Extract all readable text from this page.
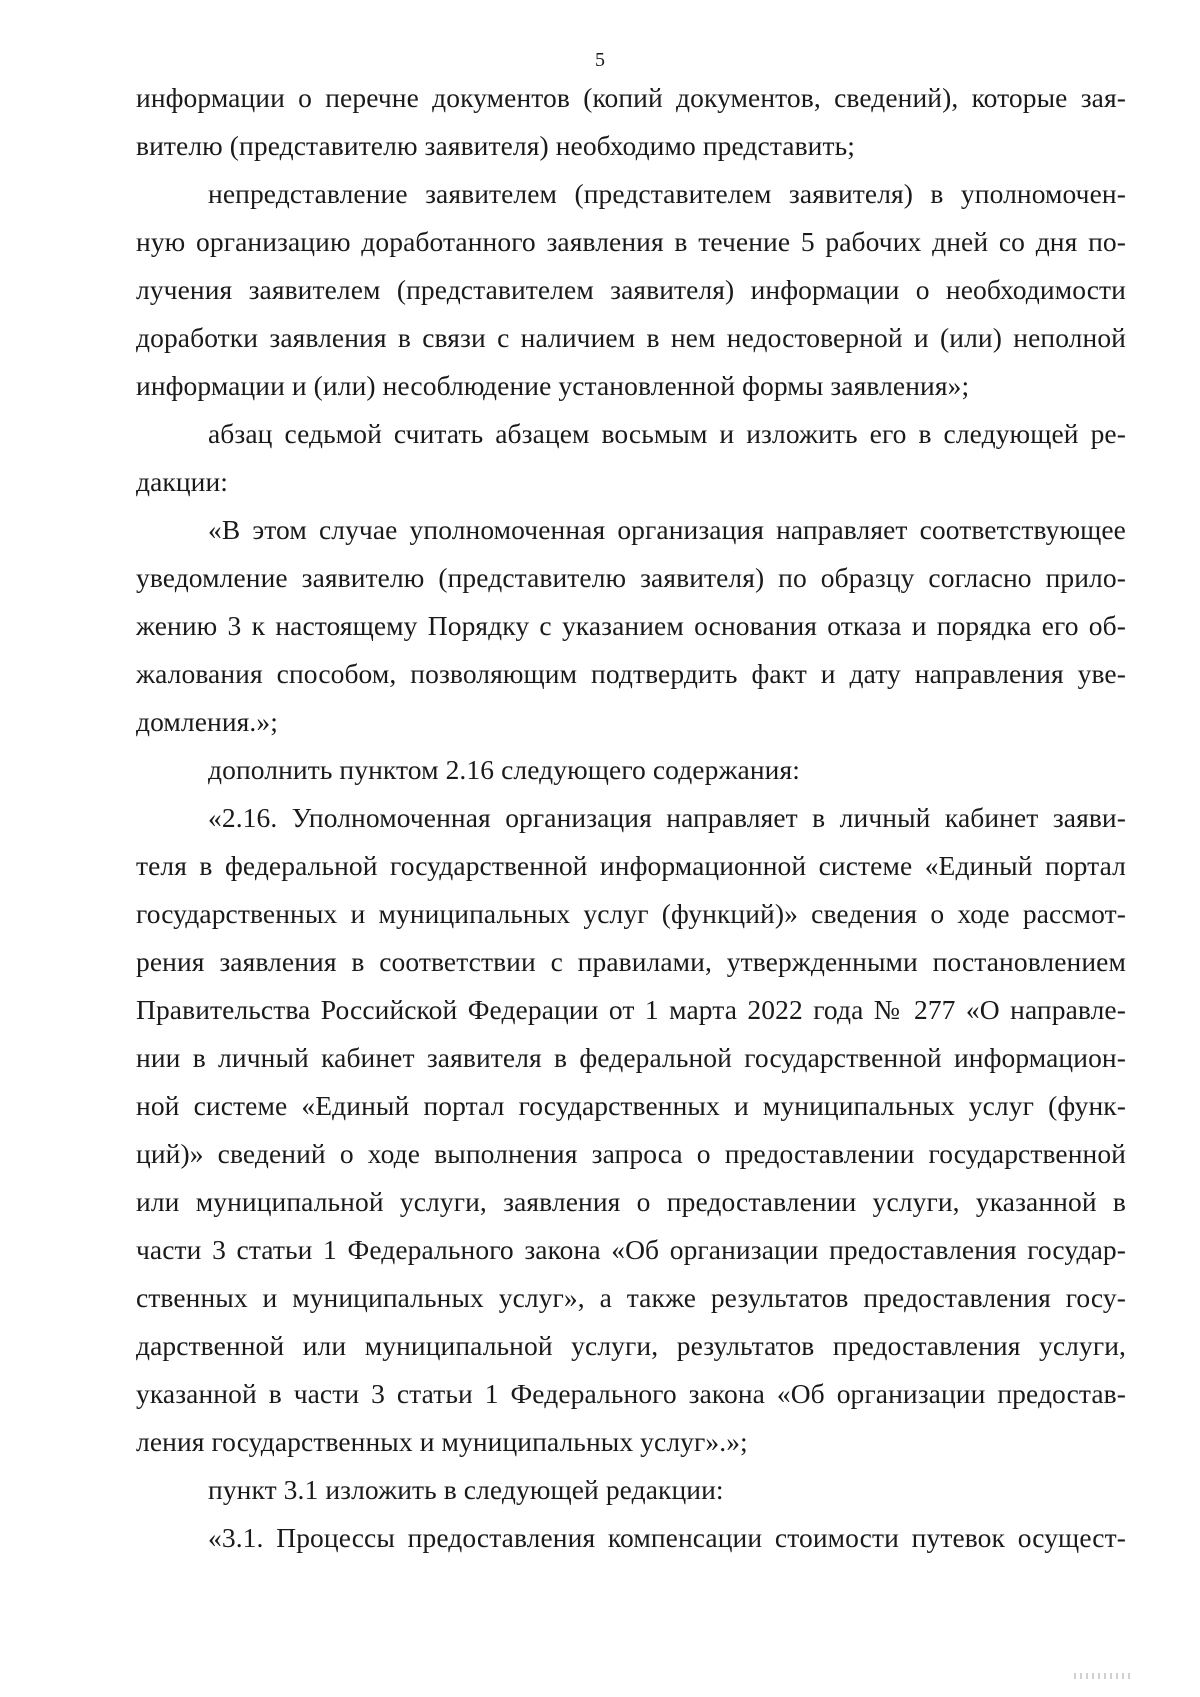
5
информации о перечне документов (копий документов, сведений), которые зая-
вителю (представителю заявителя) необходимо представить;
непредставление заявителем (представителем заявителя) в уполномочен-
ную организацию доработанного заявления в течение 5 рабочих дней со дня по-
лучения заявителем (представителем заявителя) информации о необходимости
доработки заявления в связи с наличием в нем недостоверной и (или) неполной
информации и (или) несоблюдение установленной формы заявления»;
абзац седьмой считать абзацем восьмым и изложить его в следующей ре-
дакции:
«В этом случае уполномоченная организация направляет соответствующее
уведомление заявителю (представителю заявителя) по образцу согласно прило-
жению 3 к настоящему Порядку с указанием основания отказа и порядка его об-
жалования способом, позволяющим подтвердить факт и дату направления уве-
домления.»;
дополнить пунктом 2.16 следующего содержания:
«2.16. Уполномоченная организация направляет в личный кабинет заяви-
теля в федеральной государственной информационной системе «Единый портал
государственных и муниципальных услуг (функций)» сведения о ходе рассмот-
рения заявления в соответствии с правилами, утвержденными постановлением
Правительства Российской Федерации от 1 марта 2022 года № 277 «О направле-
нии в личный кабинет заявителя в федеральной государственной информацион-
ной системе «Единый портал государственных и муниципальных услуг (функ-
ций)» сведений о ходе выполнения запроса о предоставлении государственной
или муниципальной услуги, заявления о предоставлении услуги, указанной в
части 3 статьи 1 Федерального закона «Об организации предоставления государ-
ственных и муниципальных услуг», а также результатов предоставления госу-
дарственной или муниципальной услуги, результатов предоставления услуги,
указанной в части 3 статьи 1 Федерального закона «Об организации предостав-
ления государственных и муниципальных услуг».»;
пункт 3.1 изложить в следующей редакции:
«3.1. Процессы предоставления компенсации стоимости путевок осущест-
